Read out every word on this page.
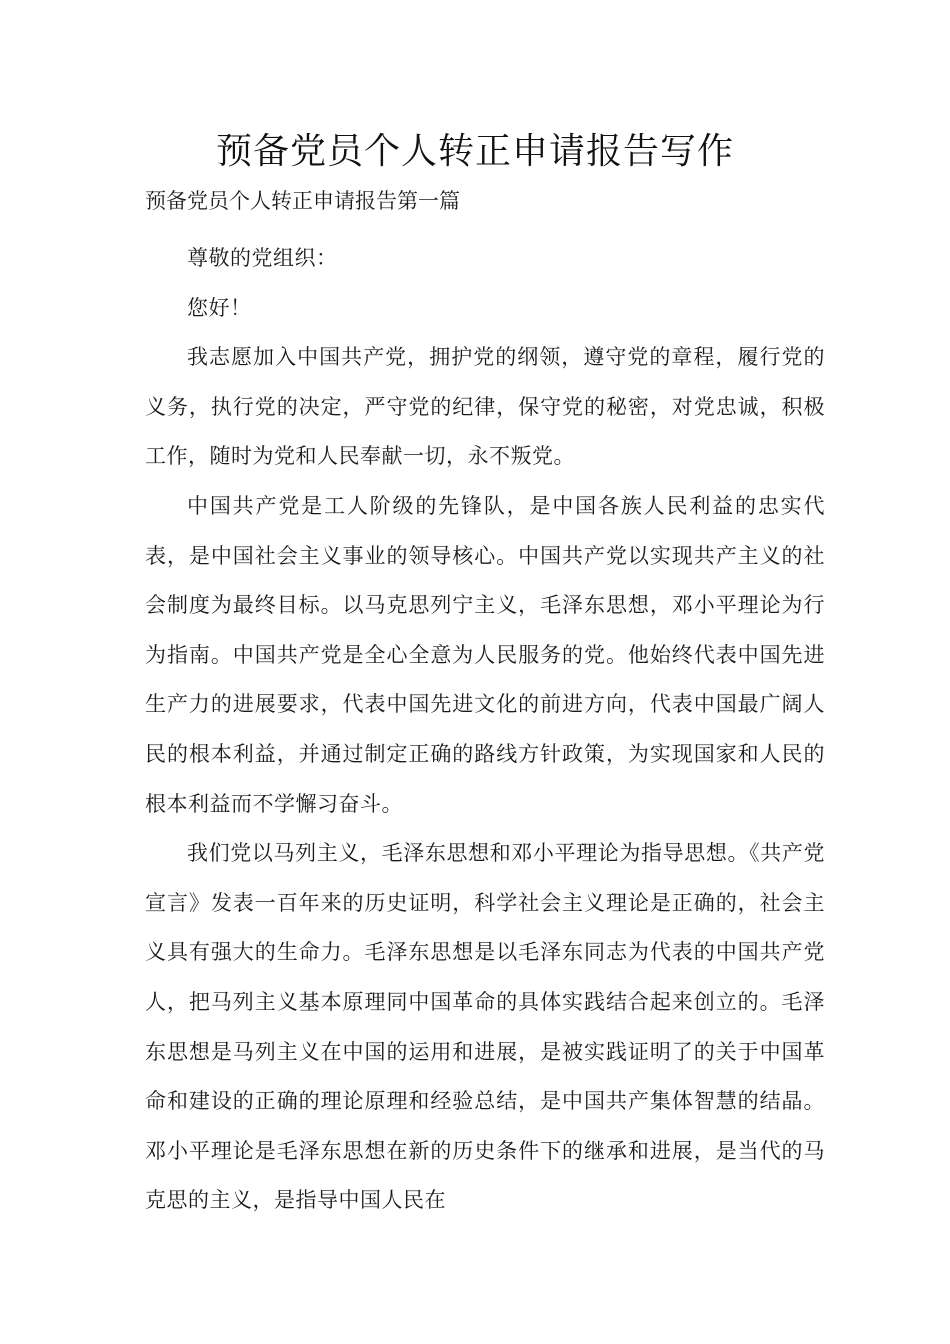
预备党员个人转正申请报告写作

预备党员个人转正申请报告第一篇

尊敬的党组织：

您好！

我志愿加入中国共产党，拥护党的纲领，遵守党的章程，履行党的义务，执行党的决定，严守党的纪律，保守党的秘密，对党忠诚，积极工作，随时为党和人民奉献一切，永不叛党。

中国共产党是工人阶级的先锋队，是中国各族人民利益的忠实代表，是中国社会主义事业的领导核心。中国共产党以实现共产主义的社会制度为最终目标。以马克思列宁主义，毛泽东思想，邓小平理论为行为指南。中国共产党是全心全意为人民服务的党。他始终代表中国先进生产力的进展要求，代表中国先进文化的前进方向，代表中国最广阔人民的根本利益，并通过制定正确的路线方针政策，为实现国家和人民的根本利益而不学懈习奋斗。

我们党以马列主义，毛泽东思想和邓小平理论为指导思想。《共产党宣言》发表一百年来的历史证明，科学社会主义理论是正确的，社会主义具有强大的生命力。毛泽东思想是以毛泽东同志为代表的中国共产党人，把马列主义基本原理同中国革命的具体实践结合起来创立的。毛泽东思想是马列主义在中国的运用和进展，是被实践证明了的关于中国革命和建设的正确的理论原理和经验总结，是中国共产集体智慧的结晶。邓小平理论是毛泽东思想在新的历史条件下的继承和进展，是当代的马克思的主义，是指导中国人民在
